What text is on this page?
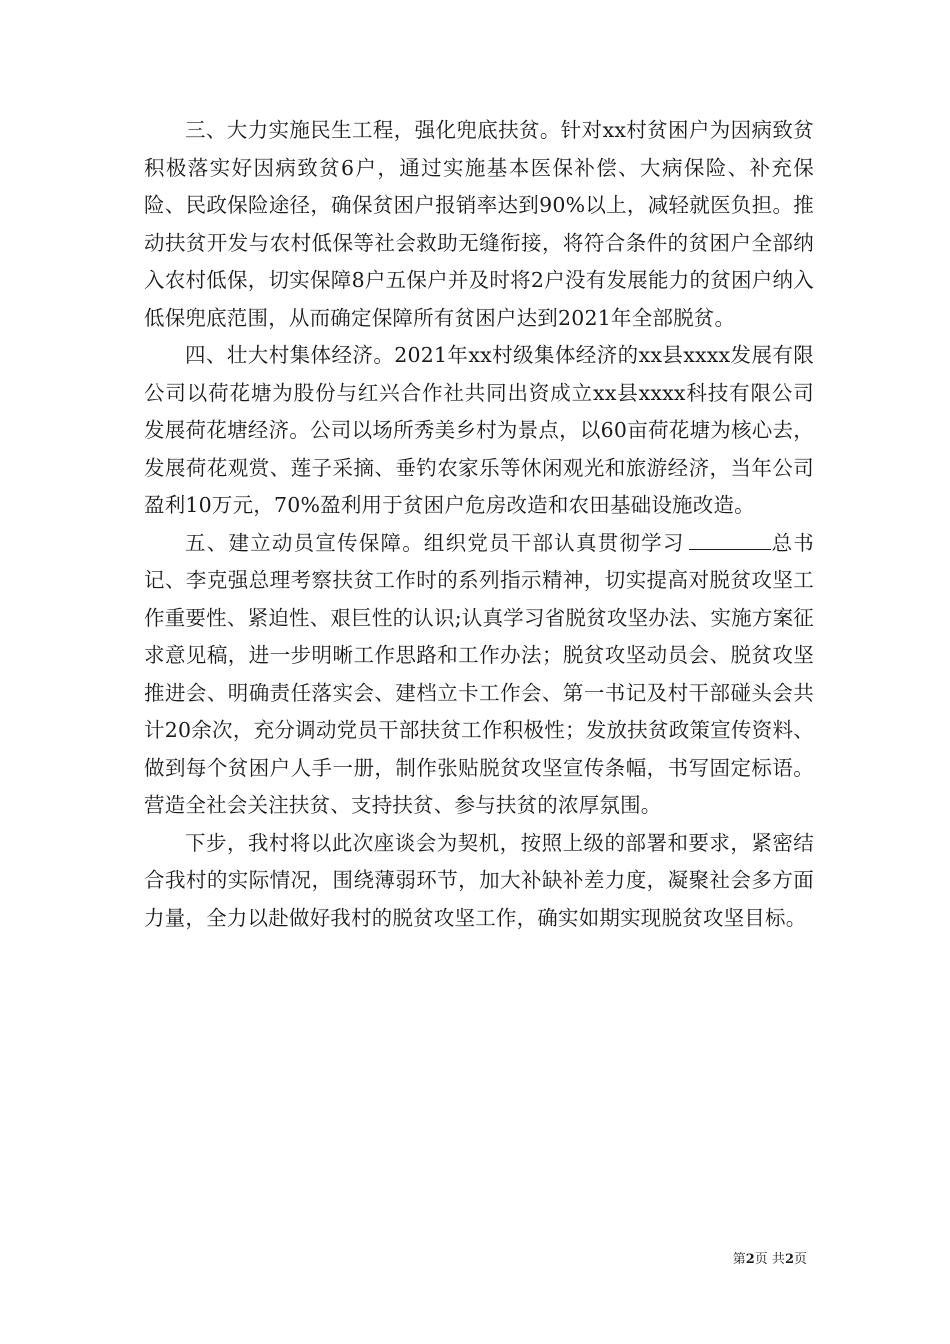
三、大力实施民生工程，强化兜底扶贫。针对xx村贫困户为因病致贫积极落实好因病致贫6户，通过实施基本医保补偿、大病保险、补充保险、民政保险途径，确保贫困户报销率达到90%以上，减轻就医负担。推动扶贫开发与农村低保等社会救助无缝衔接，将符合条件的贫困户全部纳入农村低保，切实保障8户五保户并及时将2户没有发展能力的贫困户纳入低保兜底范围，从而确定保障所有贫困户达到2021年全部脱贫。

四、壮大村集体经济。2021年xx村级集体经济的xx县xxxx发展有限公司以荷花塘为股份与红兴合作社共同出资成立xx县xxxx科技有限公司发展荷花塘经济。公司以场所秀美乡村为景点，以60亩荷花塘为核心去，发展荷花观赏、莲子采摘、垂钓农家乐等休闲观光和旅游经济，当年公司盈利10万元，70%盈利用于贫困户危房改造和农田基础设施改造。

五、建立动员宣传保障。组织党员干部认真贯彻学习	总书记、李克强总理考察扶贫工作时的系列指示精神，切实提高对脱贫攻坚工作重要性、紧迫性、艰巨性的认识;认真学习省脱贫攻坚办法、实施方案征求意见稿，进一步明晰工作思路和工作办法；脱贫攻坚动员会、脱贫攻坚推进会、明确责任落实会、建档立卡工作会、第一书记及村干部碰头会共计20余次，充分调动党员干部扶贫工作积极性；发放扶贫政策宣传资料、做到每个贫困户人手一册，制作张贴脱贫攻坚宣传条幅，书写固定标语。营造全社会关注扶贫、支持扶贫、参与扶贫的浓厚氛围。

下步，我村将以此次座谈会为契机，按照上级的部署和要求，紧密结合我村的实际情况，围绕薄弱环节，加大补缺补差力度，凝聚社会多方面力量，全力以赴做好我村的脱贫攻坚工作，确实如期实现脱贫攻坚目标。

第2页 共2页
